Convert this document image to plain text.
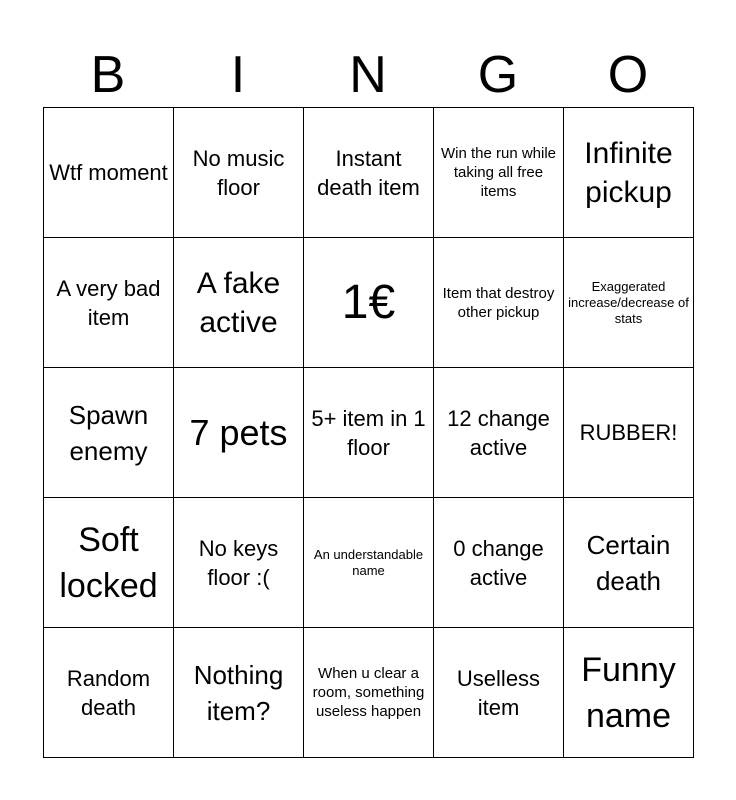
B	I	N	G	O
Wtf moment	No music floor	Instant death item	Win the run while taking all free items	Infinite pickup
A very bad item	A fake active	1€	Item that destroy other pickup	Exaggerated increase/decrease of stats
Spawn enemy	7 pets	5+ item in 1 floor	12 change active	RUBBER!
Soft locked	No keys floor :(	An understandable name	0 change active	Certain death
Random death	Nothing item?	When u clear a room, something useless happen	Uselless item	Funny name
